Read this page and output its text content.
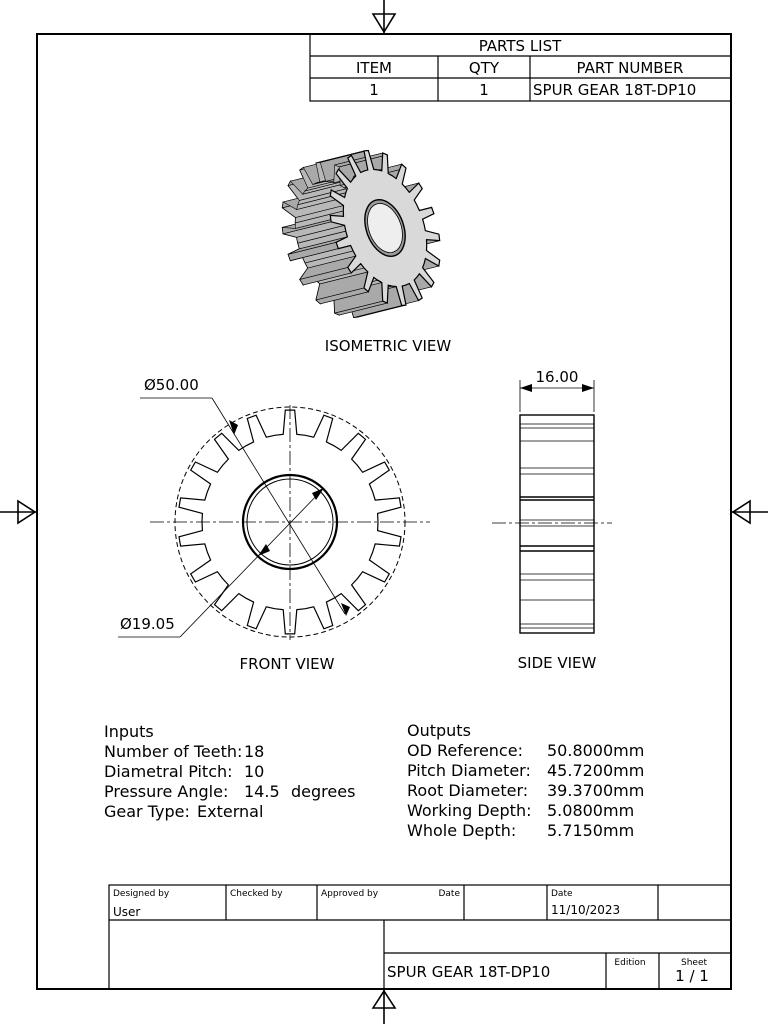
PARTS LIST
ITEM	QTY	PART NUMBER
1	1	SPUR GEAR 18T-DP10
ISOMETRIC VIEW
Ø50.00
Ø19.05
FRONT VIEW
16.00
SIDE VIEW
Inputs
Number of Teeth: 18
Diametral Pitch: 10
Pressure Angle: 14.5 degrees
Gear Type: External
Outputs
OD Reference: 50.8000mm
Pitch Diameter: 45.7200mm
Root Diameter: 39.3700mm
Working Depth: 5.0800mm
Whole Depth: 5.7150mm
Designed by
User
Checked by	Approved by	Date	Date
11/10/2023
SPUR GEAR 18T-DP10	Edition	Sheet
1 / 1
